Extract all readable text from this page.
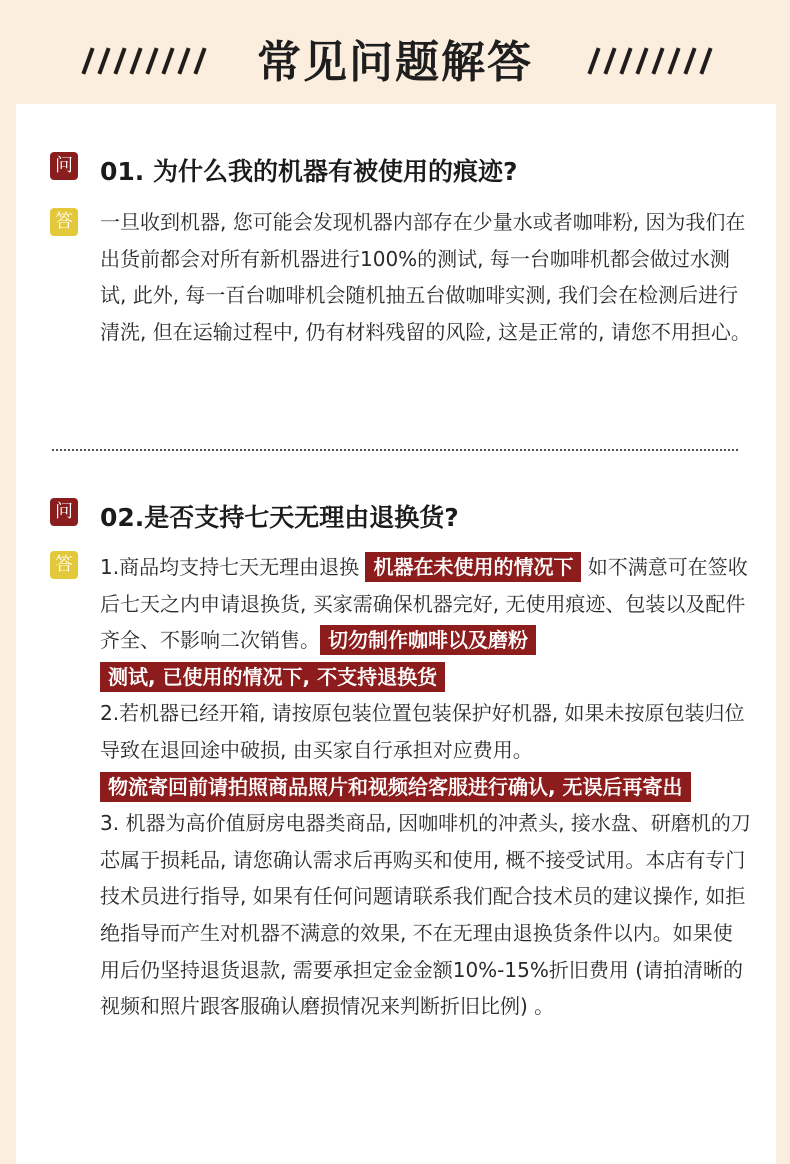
常见问题解答
问 01. 为什么我的机器有被使用的痕迹?
答 一旦收到机器, 您可能会发现机器内部存在少量水或者咖啡粉, 因为我们在出货前都会对所有新机器进行100%的测试, 每一台咖啡机都会做过水测试, 此外, 每一百台咖啡机会随机抽五台做咖啡实测, 我们会在检测后进行清洗, 但在运输过程中, 仍有材料残留的风险, 这是正常的, 请您不用担心。
问 02.是否支持七天无理由退换货?
答 1.商品均支持七天无理由退换 机器在未使用的情况下 如不满意可在签收后七天之内申请退换货, 买家需确保机器完好, 无使用痕迹、包装以及配件齐全、不影响二次销售。 切勿制作咖啡以及磨粉
测试, 已使用的情况下, 不支持退换货
2.若机器已经开箱, 请按原包装位置包装保护好机器, 如果未按原包装归位导致在退回途中破损, 由买家自行承担对应费用。
物流寄回前请拍照商品照片和视频给客服进行确认, 无误后再寄出
3. 机器为高价值厨房电器类商品, 因咖啡机的冲煮头, 接水盘、研磨机的刀芯属于损耗品, 请您确认需求后再购买和使用, 概不接受试用。本店有专门技术员进行指导, 如果有任何问题请联系我们配合技术员的建议操作, 如拒绝指导而产生对机器不满意的效果, 不在无理由退换货条件以内。如果使用后仍坚持退货退款, 需要承担定金金额10%-15%折旧费用 (请拍清晰的视频和照片跟客服确认磨损情况来判断折旧比例) 。
